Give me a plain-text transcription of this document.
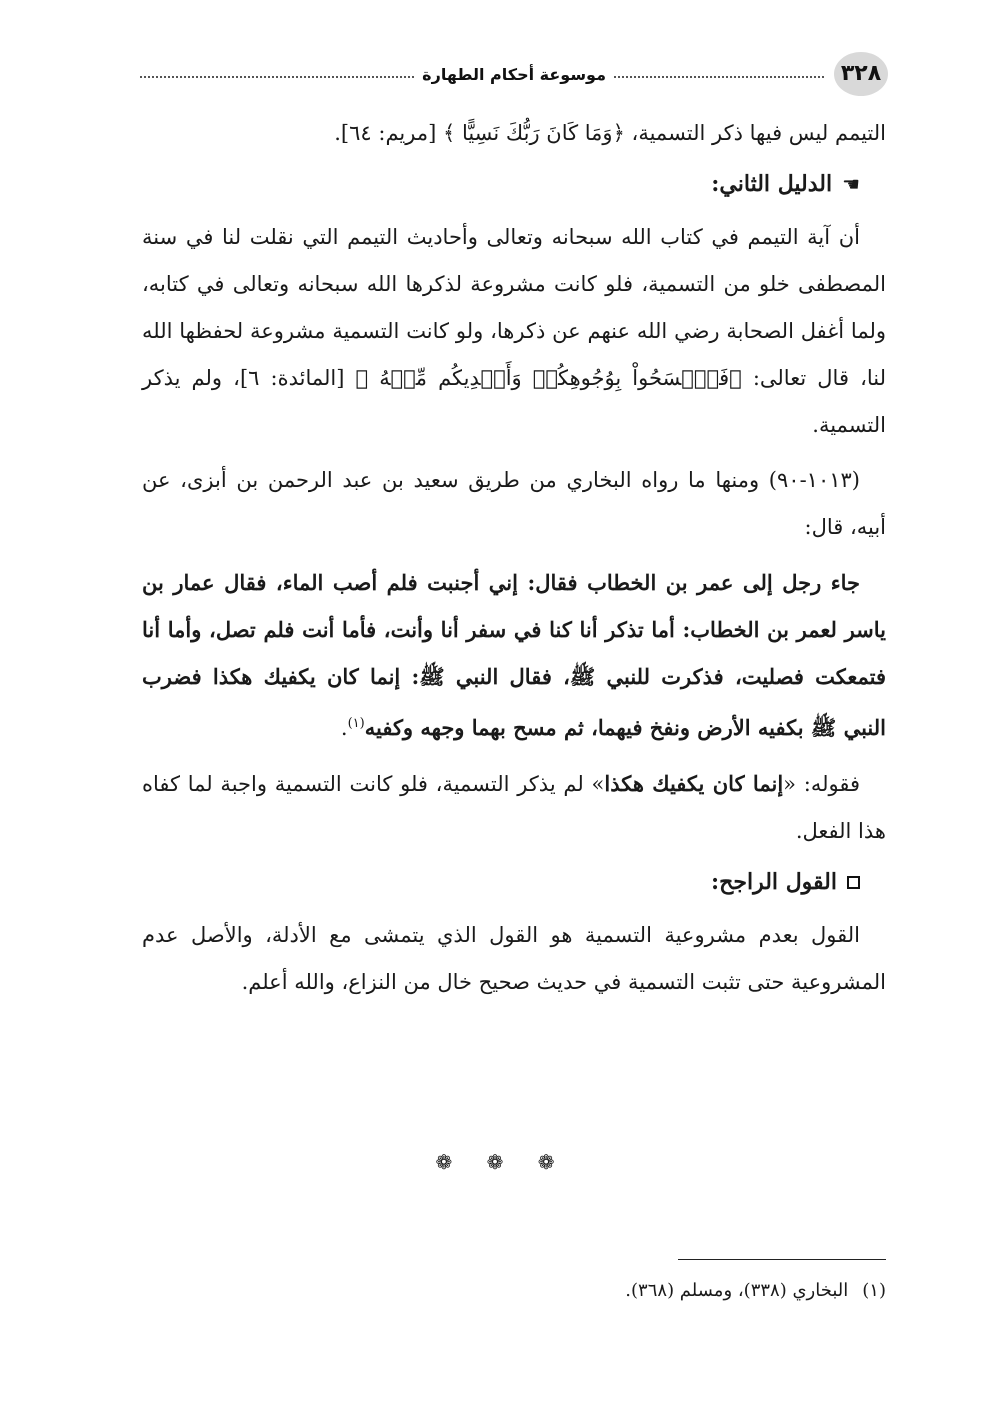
٣٢٨
موسوعة أحكام الطهارة

التيمم ليس فيها ذكر التسمية، ﴿وَمَا كَانَ رَبُّكَ نَسِيًّا ﴾ [مريم: ٦٤].

☚
الدليل الثاني:

أن آية التيمم في كتاب الله سبحانه وتعالى وأحاديث التيمم التي نقلت لنا في سنة المصطفى خلو من التسمية، فلو كانت مشروعة لذكرها الله سبحانه وتعالى في كتابه، ولما أغفل الصحابة رضي الله عنهم عن ذكرها، ولو كانت التسمية مشروعة لحفظها الله لنا، قال تعالى: ﴿فَٱمۡسَحُواْ بِوُجُوهِكُمۡ وَأَيۡدِيكُم مِّنۡهُ ﴾ [المائدة: ٦]، ولم يذكر التسمية.

(١٠١٣-٩٠) ومنها ما رواه البخاري من طريق سعيد بن عبد الرحمن بن أبزى، عن أبيه، قال:

جاء رجل إلى عمر بن الخطاب فقال: إني أجنبت فلم أصب الماء، فقال عمار بن ياسر لعمر بن الخطاب: أما تذكر أنا كنا في سفر أنا وأنت، فأما أنت فلم تصل، وأما أنا فتمعكت فصليت، فذكرت للنبي ﷺ، فقال النبي ﷺ: إنما كان يكفيك هكذا فضرب النبي ﷺ بكفيه الأرض ونفخ فيهما، ثم مسح بهما وجهه وكفيه$^{(١)}$.

فقوله: «إنما كان يكفيك هكذا» لم يذكر التسمية، فلو كانت التسمية واجبة لما كفاه هذا الفعل.

القول الراجح:

القول بعدم مشروعية التسمية هو القول الذي يتمشى مع الأدلة، والأصل عدم المشروعية حتى تثبت التسمية في حديث صحيح خال من النزاع، والله أعلم.

❁ ❁ ❁
(١)
البخاري (٣٣٨)، ومسلم (٣٦٨).
